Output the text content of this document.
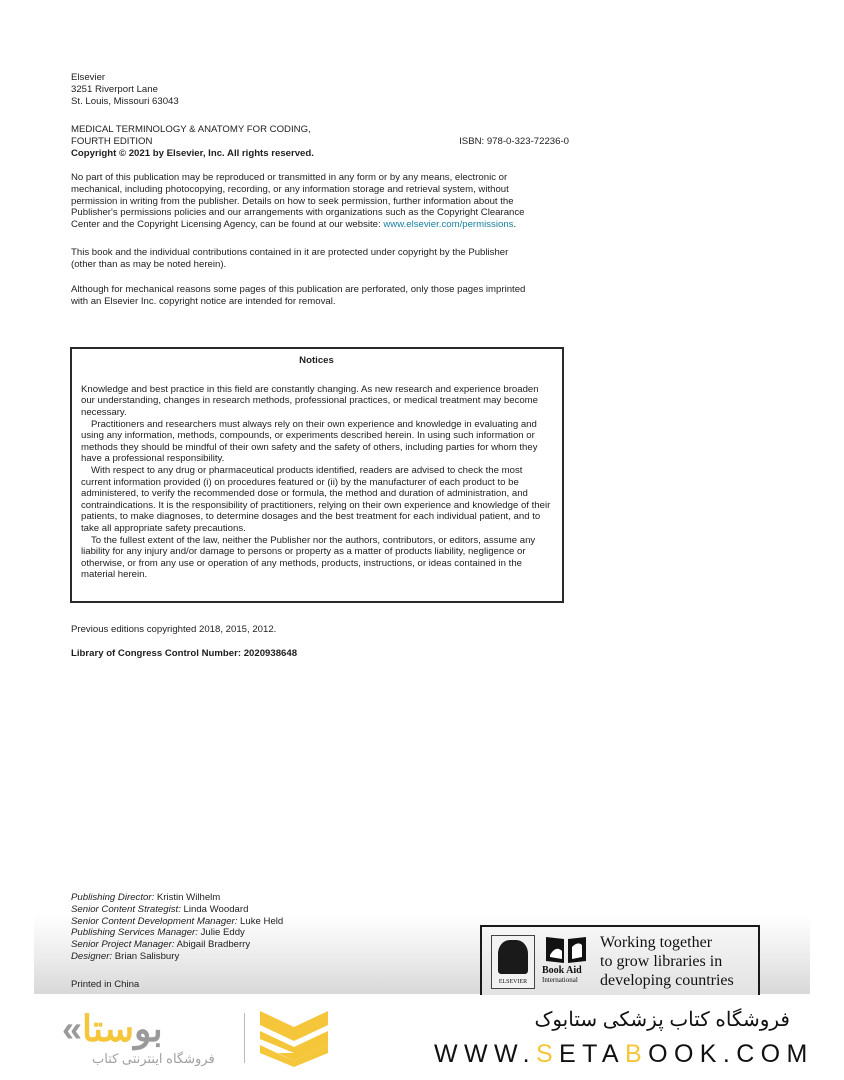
Elsevier
3251 Riverport Lane
St. Louis, Missouri 63043
MEDICAL TERMINOLOGY & ANATOMY FOR CODING,
FOURTH EDITION
Copyright © 2021 by Elsevier, Inc. All rights reserved.
ISBN: 978-0-323-72236-0
No part of this publication may be reproduced or transmitted in any form or by any means, electronic or
mechanical, including photocopying, recording, or any information storage and retrieval system, without
permission in writing from the publisher. Details on how to seek permission, further information about the
Publisher's permissions policies and our arrangements with organizations such as the Copyright Clearance
Center and the Copyright Licensing Agency, can be found at our website: www.elsevier.com/permissions.
This book and the individual contributions contained in it are protected under copyright by the Publisher
(other than as may be noted herein).
Although for mechanical reasons some pages of this publication are perforated, only those pages imprinted
with an Elsevier Inc. copyright notice are intended for removal.
Notices

Knowledge and best practice in this field are constantly changing. As new research and experience broaden our understanding, changes in research methods, professional practices, or medical treatment may become necessary.

Practitioners and researchers must always rely on their own experience and knowledge in evaluating and using any information, methods, compounds, or experiments described herein. In using such information or methods they should be mindful of their own safety and the safety of others, including parties for whom they have a professional responsibility.

With respect to any drug or pharmaceutical products identified, readers are advised to check the most current information provided (i) on procedures featured or (ii) by the manufacturer of each product to be administered, to verify the recommended dose or formula, the method and duration of administration, and contraindications. It is the responsibility of practitioners, relying on their own experience and knowledge of their patients, to make diagnoses, to determine dosages and the best treatment for each individual patient, and to take all appropriate safety precautions.

To the fullest extent of the law, neither the Publisher nor the authors, contributors, or editors, assume any liability for any injury and/or damage to persons or property as a matter of products liability, negligence or otherwise, or from any use or operation of any methods, products, instructions, or ideas contained in the material herein.

Previous editions copyrighted 2018, 2015, 2012.
Library of Congress Control Number: 2020938648
Publishing Director: Kristin Wilhelm
Senior Content Strategist: Linda Woodard
Senior Content Development Manager: Luke Held
Publishing Services Manager: Julie Eddy
Senior Project Manager: Abigail Bradberry
Designer: Brian Salisbury
Printed in China	ELSEVIER
Book Aid
International
Working together
to grow libraries in
developing countries
« بوستا
فروشگاه اینترنتی کتاب
فروشگاه کتاب پزشکی ستابوک
WWW.SETABOOK.COM
